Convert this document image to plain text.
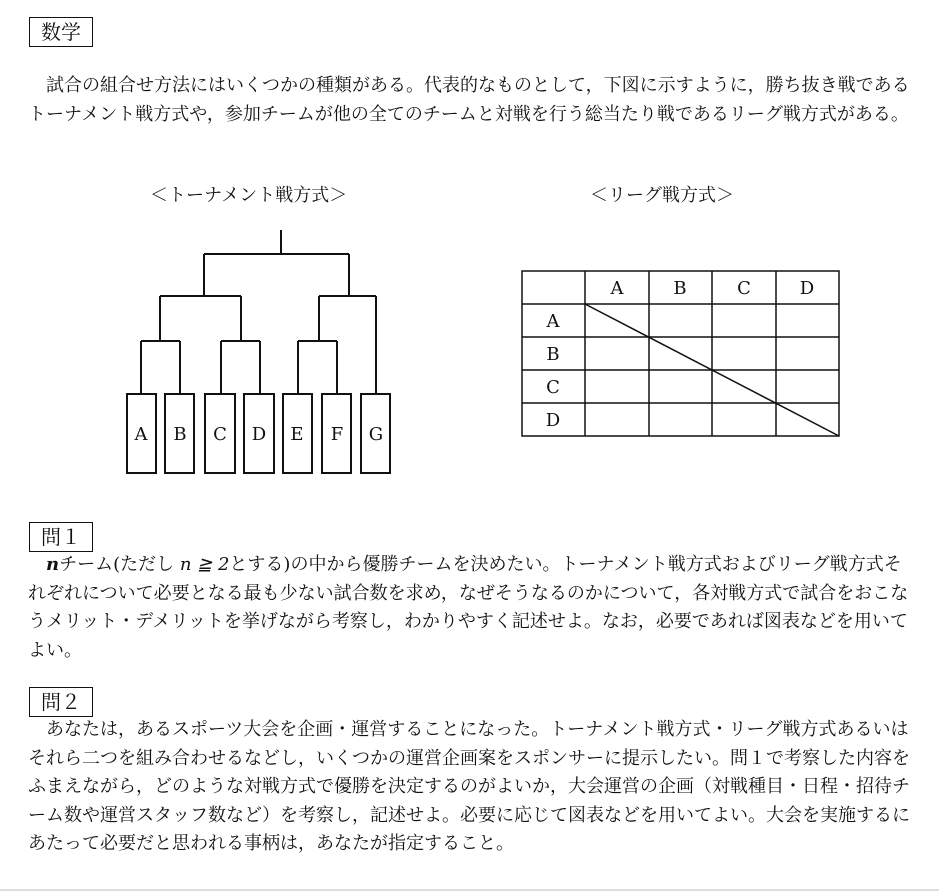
数学
試合の組合せ方法にはいくつかの種類がある。代表的なものとして，下図に示すように，勝ち抜き戦であるトーナメント戦方式や，参加チームが他の全てのチームと対戦を行う総当たり戦であるリーグ戦方式がある。
＜トーナメント戦方式＞	＜リーグ戦方式＞
A B C D E F G
A	B	C	D
A
B
C
D
問１
nチーム(ただし n ≧ 2とする)の中から優勝チームを決めたい。トーナメント戦方式およびリーグ戦方式それぞれについて必要となる最も少ない試合数を求め，なぜそうなるのかについて，各対戦方式で試合をおこなうメリット・デメリットを挙げながら考察し，わかりやすく記述せよ。なお，必要であれば図表などを用いてよい。
問２
あなたは，あるスポーツ大会を企画・運営することになった。トーナメント戦方式・リーグ戦方式あるいはそれら二つを組み合わせるなどし，いくつかの運営企画案をスポンサーに提示したい。問１で考察した内容をふまえながら，どのような対戦方式で優勝を決定するのがよいか，大会運営の企画（対戦種目・日程・招待チーム数や運営スタッフ数など）を考察し，記述せよ。必要に応じて図表などを用いてよい。大会を実施するにあたって必要だと思われる事柄は，あなたが指定すること。
